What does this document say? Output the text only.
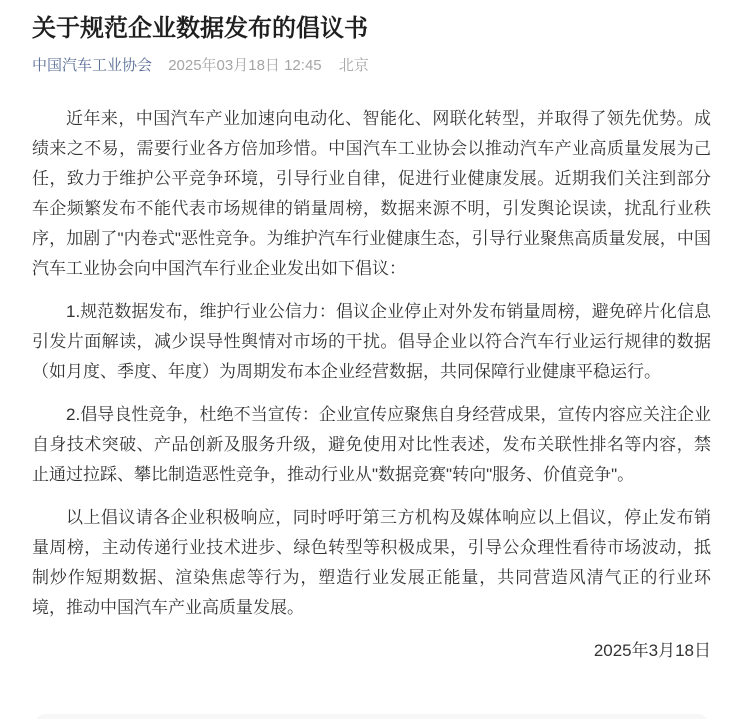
关于规范企业数据发布的倡议书
中国汽车工业协会 2025年03月18日 12:45 北京

近年来，中国汽车产业加速向电动化、智能化、网联化转型，并取得了领先优势。成绩来之不易，需要行业各方倍加珍惜。中国汽车工业协会以推动汽车产业高质量发展为己任，致力于维护公平竞争环境，引导行业自律，促进行业健康发展。近期我们关注到部分车企频繁发布不能代表市场规律的销量周榜，数据来源不明，引发舆论误读，扰乱行业秩序，加剧了"内卷式"恶性竞争。为维护汽车行业健康生态，引导行业聚焦高质量发展，中国汽车工业协会向中国汽车行业企业发出如下倡议：

1.规范数据发布，维护行业公信力：倡议企业停止对外发布销量周榜，避免碎片化信息引发片面解读，减少误导性舆情对市场的干扰。倡导企业以符合汽车行业运行规律的数据（如月度、季度、年度）为周期发布本企业经营数据，共同保障行业健康平稳运行。

2.倡导良性竞争，杜绝不当宣传：企业宣传应聚焦自身经营成果，宣传内容应关注企业自身技术突破、产品创新及服务升级，避免使用对比性表述，发布关联性排名等内容，禁止通过拉踩、攀比制造恶性竞争，推动行业从"数据竞赛"转向"服务、价值竞争"。

以上倡议请各企业积极响应，同时呼吁第三方机构及媒体响应以上倡议，停止发布销量周榜，主动传递行业技术进步、绿色转型等积极成果，引导公众理性看待市场波动，抵制炒作短期数据、渲染焦虑等行为，塑造行业发展正能量，共同营造风清气正的行业环境，推动中国汽车产业高质量发展。

2025年3月18日
